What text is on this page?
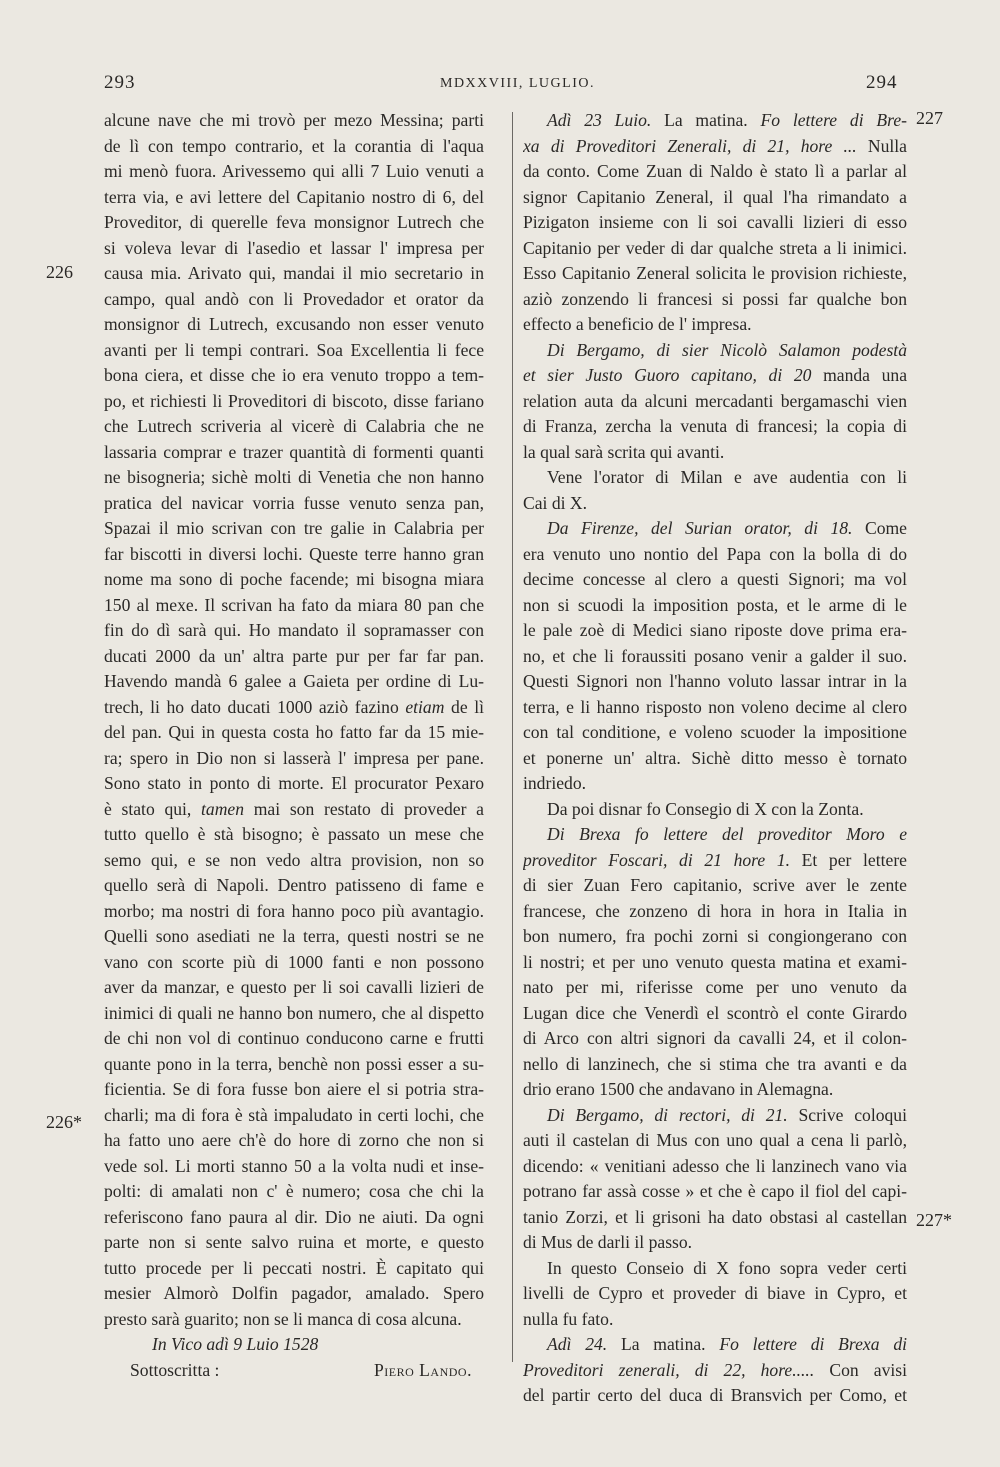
293	MDXXVIII, LUGLIO.	294
226
226*
227
227*
alcune nave che mi trovò per mezo Messina; parti
de lì con tempo contrario, et la corantia di l'aqua
mi menò fuora. Arivessemo qui alli 7 Luio venuti a
terra via, e avi lettere del Capitanio nostro di 6, del
Proveditor, di querelle feva monsignor Lutrech che
si voleva levar di l'asedio et lassar l' impresa per
causa mia. Arivato qui, mandai il mio secretario in
campo, qual andò con li Provedador et orator da
monsignor di Lutrech, excusando non esser venuto
avanti per li tempi contrari. Soa Excellentia li fece
bona ciera, et disse che io era venuto troppo a tem-
po, et richiesti li Proveditori di biscoto, disse fariano
che Lutrech scriveria al vicerè di Calabria che ne
lassaria comprar e trazer quantità di formenti quanti
ne bisogneria; sichè molti di Venetia che non hanno
pratica del navicar vorria fusse venuto senza pan,
Spazai il mio scrivan con tre galie in Calabria per
far biscotti in diversi lochi. Queste terre hanno gran
nome ma sono di poche facende; mi bisogna miara
150 al mexe. Il scrivan ha fato da miara 80 pan che
fin do dì sarà qui. Ho mandato il sopramasser con
ducati 2000 da un' altra parte pur per far far pan.
Havendo mandà 6 galee a Gaieta per ordine di Lu-
trech, li ho dato ducati 1000 aziò fazino etiam de lì
del pan. Qui in questa costa ho fatto far da 15 mie-
ra; spero in Dio non si lasserà l' impresa per pane.
Sono stato in ponto di morte. El procurator Pexaro
è stato qui, tamen mai son restato di proveder a
tutto quello è stà bisogno; è passato un mese che
semo qui, e se non vedo altra provision, non so
quello serà di Napoli. Dentro patisseno di fame e
morbo; ma nostri di fora hanno poco più avantagio.
Quelli sono asediati ne la terra, questi nostri se ne
vano con scorte più di 1000 fanti e non possono
aver da manzar, e questo per li soi cavalli lizieri de
inimici di quali ne hanno bon numero, che al dispetto
de chi non vol di continuo conducono carne e frutti
quante pono in la terra, benchè non possi esser a su-
ficientia. Se di fora fusse bon aiere el si potria stra-
charli; ma di fora è stà impaludato in certi lochi, che
ha fatto uno aere ch'è do hore di zorno che non si
vede sol. Li morti stanno 50 a la volta nudi et inse-
polti: di amalati non c' è numero; cosa che chi la
referiscono fano paura al dir. Dio ne aiuti. Da ogni
parte non si sente salvo ruina et morte, e questo
tutto procede per li peccati nostri. È capitato qui
mesier Almorò Dolfin pagador, amalado. Spero
presto sarà guarito; non se li manca di cosa alcuna.
In Vico adì 9 Luio 1528
Sottoscritta :	Piero Lando.
Adì 23 Luio. La matina. Fo lettere di Bre-
xa di Proveditori Zenerali, di 21, hore ... Nulla
da conto. Come Zuan di Naldo è stato lì a parlar al
signor Capitanio Zeneral, il qual l'ha rimandato a
Pizigaton insieme con li soi cavalli lizieri di esso
Capitanio per veder di dar qualche streta a li inimici.
Esso Capitanio Zeneral solicita le provision richieste,
aziò zonzendo li francesi si possi far qualche bon
effecto a beneficio de l' impresa.
Di Bergamo, di sier Nicolò Salamon podestà
et sier Justo Guoro capitano, di 20 manda una
relation auta da alcuni mercadanti bergamaschi vien
di Franza, zercha la venuta di francesi; la copia di
la qual sarà scrita qui avanti.
Vene l'orator di Milan e ave audentia con li
Cai di X.
Da Firenze, del Surian orator, di 18. Come
era venuto uno nontio del Papa con la bolla di do
decime concesse al clero a questi Signori; ma vol
non si scuodi la imposition posta, et le arme di le
le pale zoè di Medici siano riposte dove prima era-
no, et che li foraussiti posano venir a galder il suo.
Questi Signori non l'hanno voluto lassar intrar in la
terra, e li hanno risposto non voleno decime al clero
con tal conditione, e voleno scuoder la impositione
et ponerne un' altra. Sichè ditto messo è tornato
indriedo.
Da poi disnar fo Consegio di X con la Zonta.
Di Brexa fo lettere del proveditor Moro e
proveditor Foscari, di 21 hore 1. Et per lettere
di sier Zuan Fero capitanio, scrive aver le zente
francese, che zonzeno di hora in hora in Italia in
bon numero, fra pochi zorni si congiongerano con
li nostri; et per uno venuto questa matina et exami-
nato per mi, riferisse come per uno venuto da
Lugan dice che Venerdì el scontrò el conte Girardo
di Arco con altri signori da cavalli 24, et il colon-
nello di lanzinech, che si stima che tra avanti e da
drio erano 1500 che andavano in Alemagna.
Di Bergamo, di rectori, di 21. Scrive coloqui
auti il castelan di Mus con uno qual a cena li parlò,
dicendo: « venitiani adesso che li lanzinech vano via
potrano far assà cosse » et che è capo il fiol del capi-
tanio Zorzi, et li grisoni ha dato obstasi al castellan
di Mus de darli il passo.
In questo Conseio di X fono sopra veder certi
livelli de Cypro et proveder di biave in Cypro, et
nulla fu fato.
Adì 24. La matina. Fo lettere di Brexa di
Proveditori zenerali, di 22, hore..... Con avisi
del partir certo del duca di Bransvich per Como, et
